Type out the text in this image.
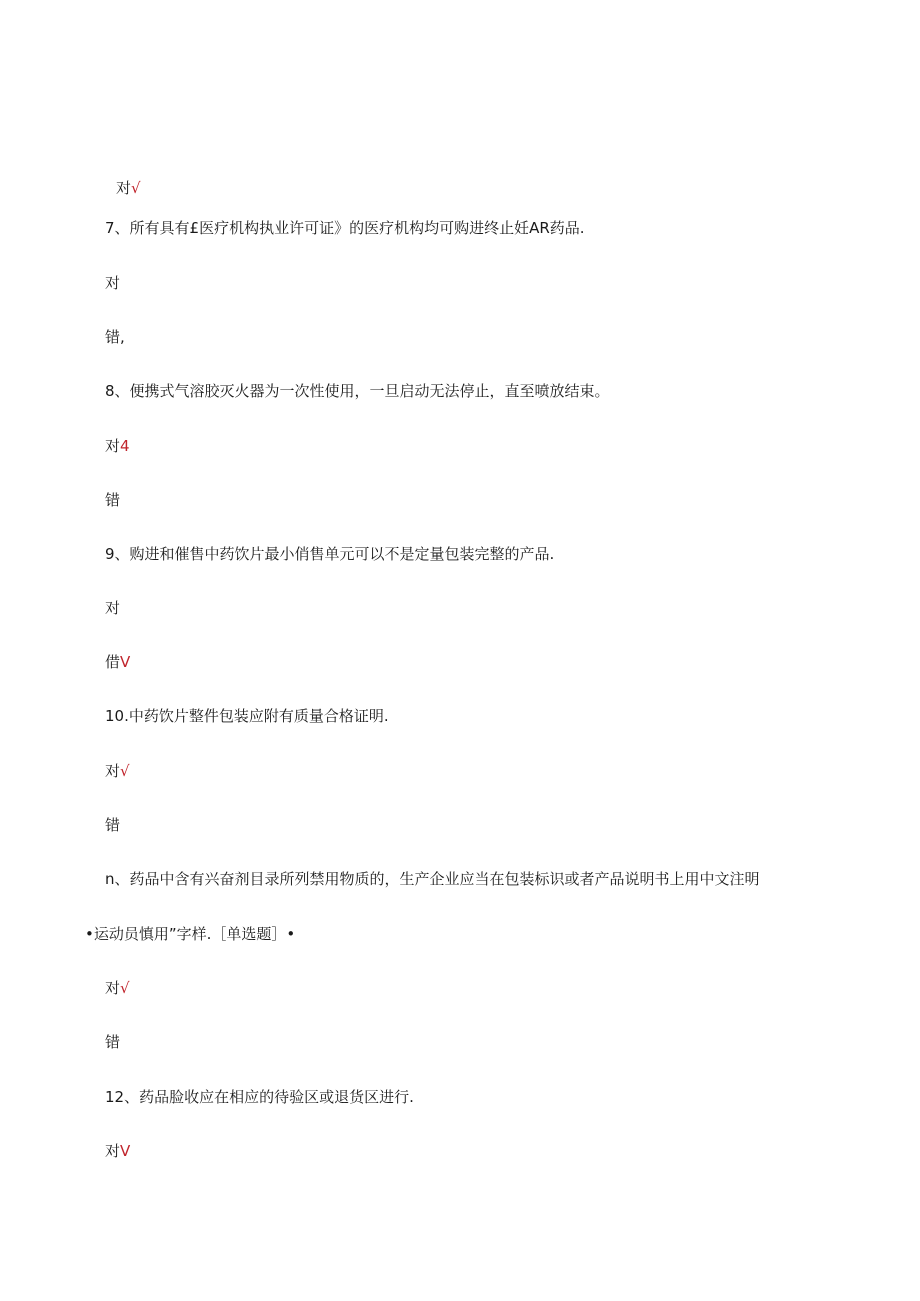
对√
7、所有具有£医疗机构执业许可证》的医疗机构均可购进终止妊AR药品.
对
错,
8、便携式气溶胶灭火器为一次性使用，一旦启动无法停止，直至喷放结束。
对4
错
9、购进和催售中药饮片最小俏售单元可以不是定量包装完整的产品.
对
借V
10.中药饮片整件包装应附有质量合格证明.
对√
错
n、药品中含有兴奋剂目录所列禁用物质的，生产企业应当在包装标识或者产品说明书上用中文注明
•运动员慎用”字样.［单选题］•
对√
错
12、药品脸收应在相应的待验区或退货区进行.
对V
